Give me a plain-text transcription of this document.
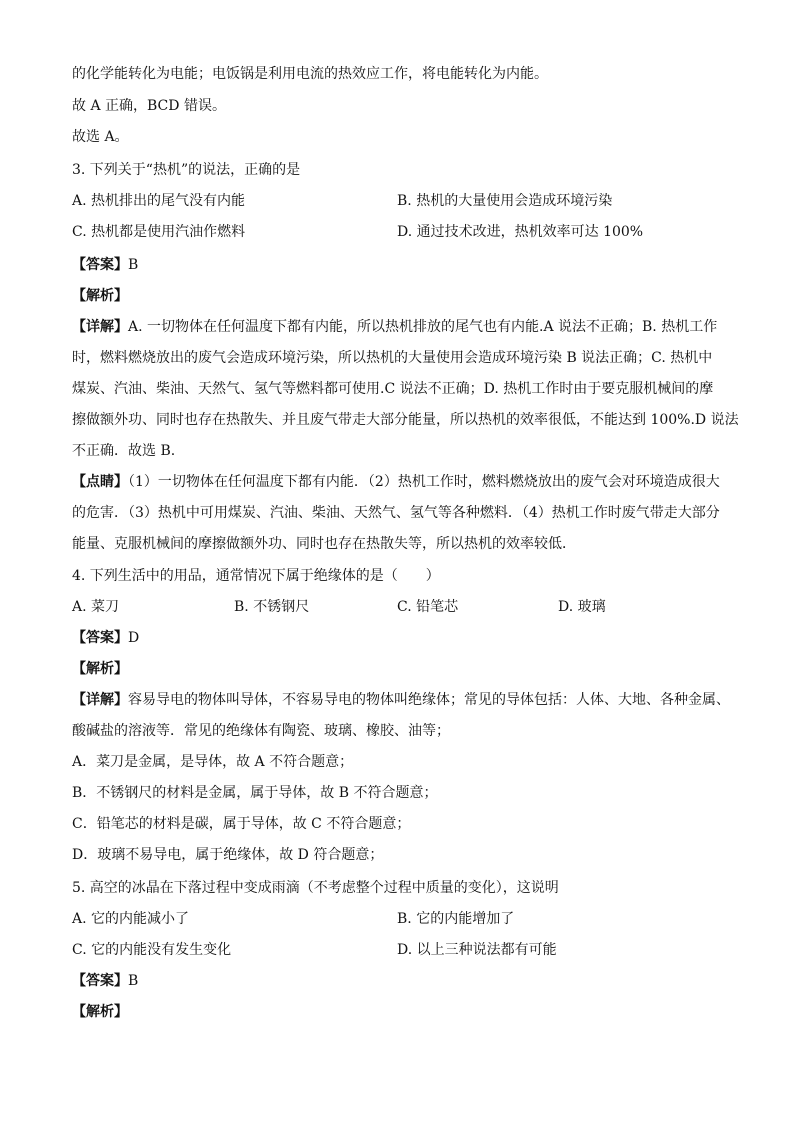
的化学能转化为电能；电饭锅是利用电流的热效应工作，将电能转化为内能。
故 A 正确，BCD 错误。
故选 A。
3. 下列关于“热机”的说法，正确的是
A. 热机排出的尾气没有内能	B. 热机的大量使用会造成环境污染
C. 热机都是使用汽油作燃料	D. 通过技术改进，热机效率可达 100%
【答案】B
【解析】
【详解】A. 一切物体在任何温度下都有内能，所以热机排放的尾气也有内能.A 说法不正确；B. 热机工作
时，燃料燃烧放出的废气会造成环境污染，所以热机的大量使用会造成环境污染 B 说法正确；C. 热机中
煤炭、汽油、柴油、天然气、氢气等燃料都可使用.C 说法不正确；D. 热机工作时由于要克服机械间的摩
擦做额外功、同时也存在热散失、并且废气带走大部分能量，所以热机的效率很低，不能达到 100%.D 说法
不正确．故选 B.
【点睛】（1）一切物体在任何温度下都有内能．（2）热机工作时，燃料燃烧放出的废气会对环境造成很大
的危害．（3）热机中可用煤炭、汽油、柴油、天然气、氢气等各种燃料．（4）热机工作时废气带走大部分
能量、克服机械间的摩擦做额外功、同时也存在热散失等，所以热机的效率较低．
4. 下列生活中的用品，通常情况下属于绝缘体的是（　　）
A. 菜刀	B. 不锈钢尺	C. 铅笔芯	D. 玻璃
【答案】D
【解析】
【详解】容易导电的物体叫导体，不容易导电的物体叫绝缘体；常见的导体包括：人体、大地、各种金属、
酸碱盐的溶液等．常见的绝缘体有陶瓷、玻璃、橡胶、油等；
A．菜刀是金属，是导体，故 A 不符合题意；
B．不锈钢尺的材料是金属，属于导体，故 B 不符合题意；
C．铅笔芯的材料是碳，属于导体，故 C 不符合题意；
D．玻璃不易导电，属于绝缘体，故 D 符合题意；
5. 高空的冰晶在下落过程中变成雨滴（不考虑整个过程中质量的变化），这说明
A. 它的内能减小了	B. 它的内能增加了
C. 它的内能没有发生变化	D. 以上三种说法都有可能
【答案】B
【解析】
